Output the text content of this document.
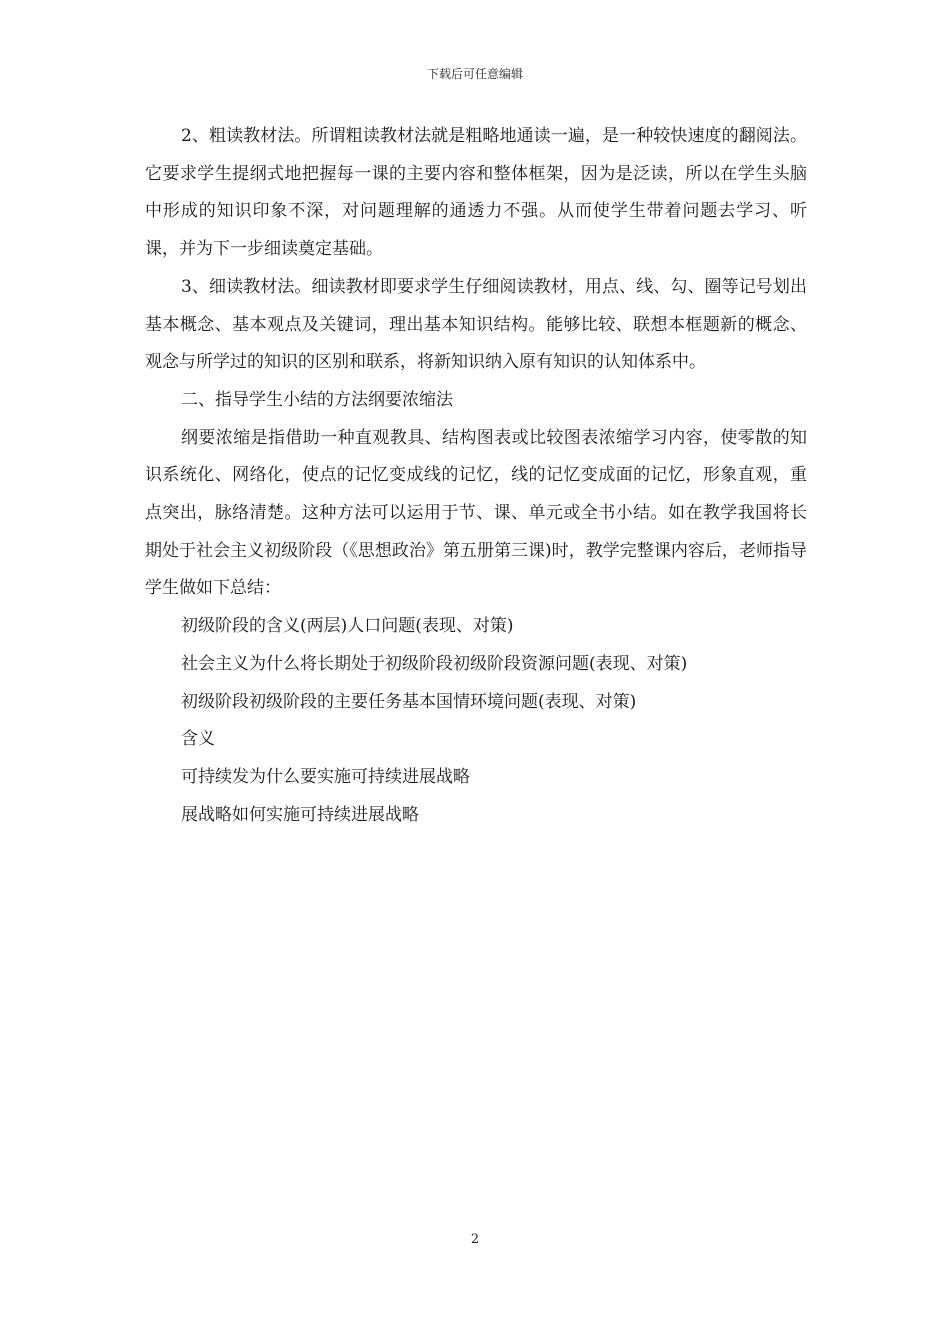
下载后可任意编辑

2、粗读教材法。所谓粗读教材法就是粗略地通读一遍，是一种较快速度的翻阅法。它要求学生提纲式地把握每一课的主要内容和整体框架，因为是泛读，所以在学生头脑中形成的知识印象不深，对问题理解的通透力不强。从而使学生带着问题去学习、听课，并为下一步细读奠定基础。

3、细读教材法。细读教材即要求学生仔细阅读教材，用点、线、勾、圈等记号划出基本概念、基本观点及关键词，理出基本知识结构。能够比较、联想本框题新的概念、观念与所学过的知识的区别和联系，将新知识纳入原有知识的认知体系中。

二、指导学生小结的方法纲要浓缩法

纲要浓缩是指借助一种直观教具、结构图表或比较图表浓缩学习内容，使零散的知识系统化、网络化，使点的记忆变成线的记忆，线的记忆变成面的记忆，形象直观，重点突出，脉络清楚。这种方法可以运用于节、课、单元或全书小结。如在教学我国将长期处于社会主义初级阶段（《思想政治》第五册第三课)时，教学完整课内容后，老师指导学生做如下总结：

初级阶段的含义(两层)人口问题(表现、对策)

社会主义为什么将长期处于初级阶段初级阶段资源问题(表现、对策)

初级阶段初级阶段的主要任务基本国情环境问题(表现、对策)

含义

可持续发为什么要实施可持续进展战略

展战略如何实施可持续进展战略

2
